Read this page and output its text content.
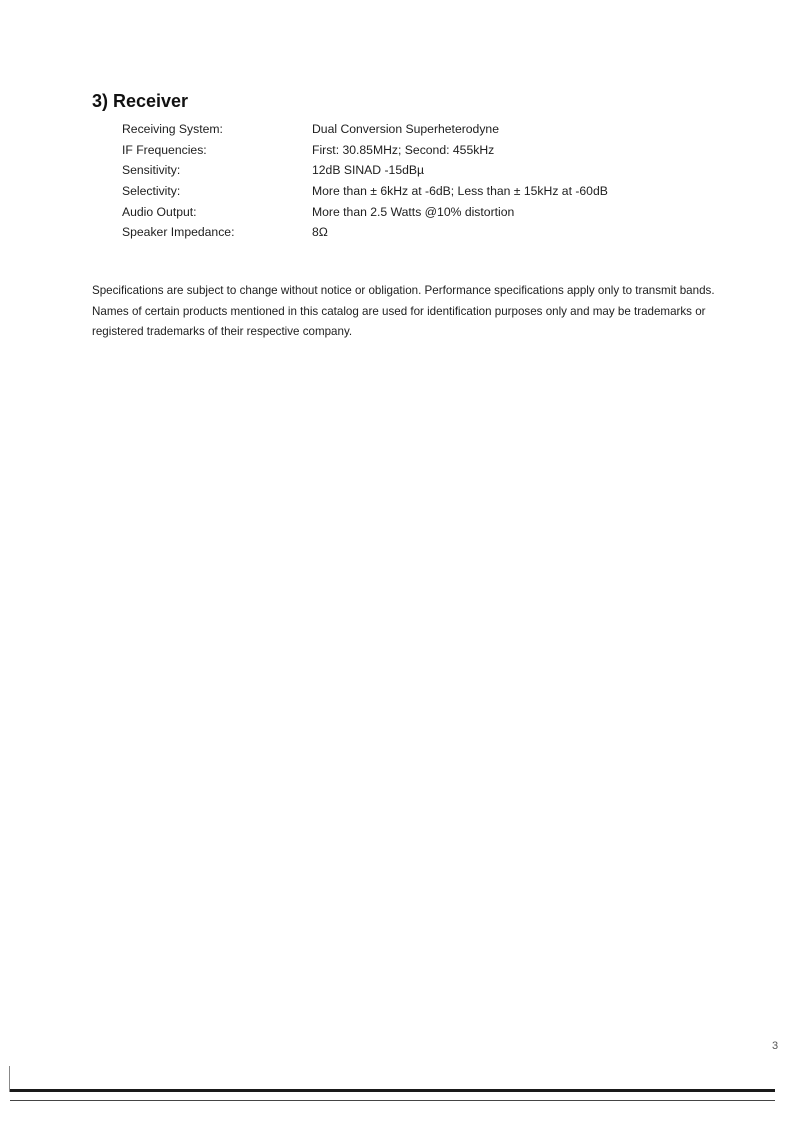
3) Receiver
Receiving System:	Dual Conversion Superheterodyne
IF Frequencies:	First: 30.85MHz; Second: 455kHz
Sensitivity:	12dB SINAD -15dBµ
Selectivity:	More than ± 6kHz at -6dB; Less than ± 15kHz at -60dB
Audio Output:	More than 2.5 Watts @10% distortion
Speaker Impedance:	8Ω

Specifications are subject to change without notice or obligation. Performance specifications apply only to transmit bands. Names of certain products mentioned in this catalog are used for identification purposes only and may be trademarks or registered trademarks of their respective company.

3
